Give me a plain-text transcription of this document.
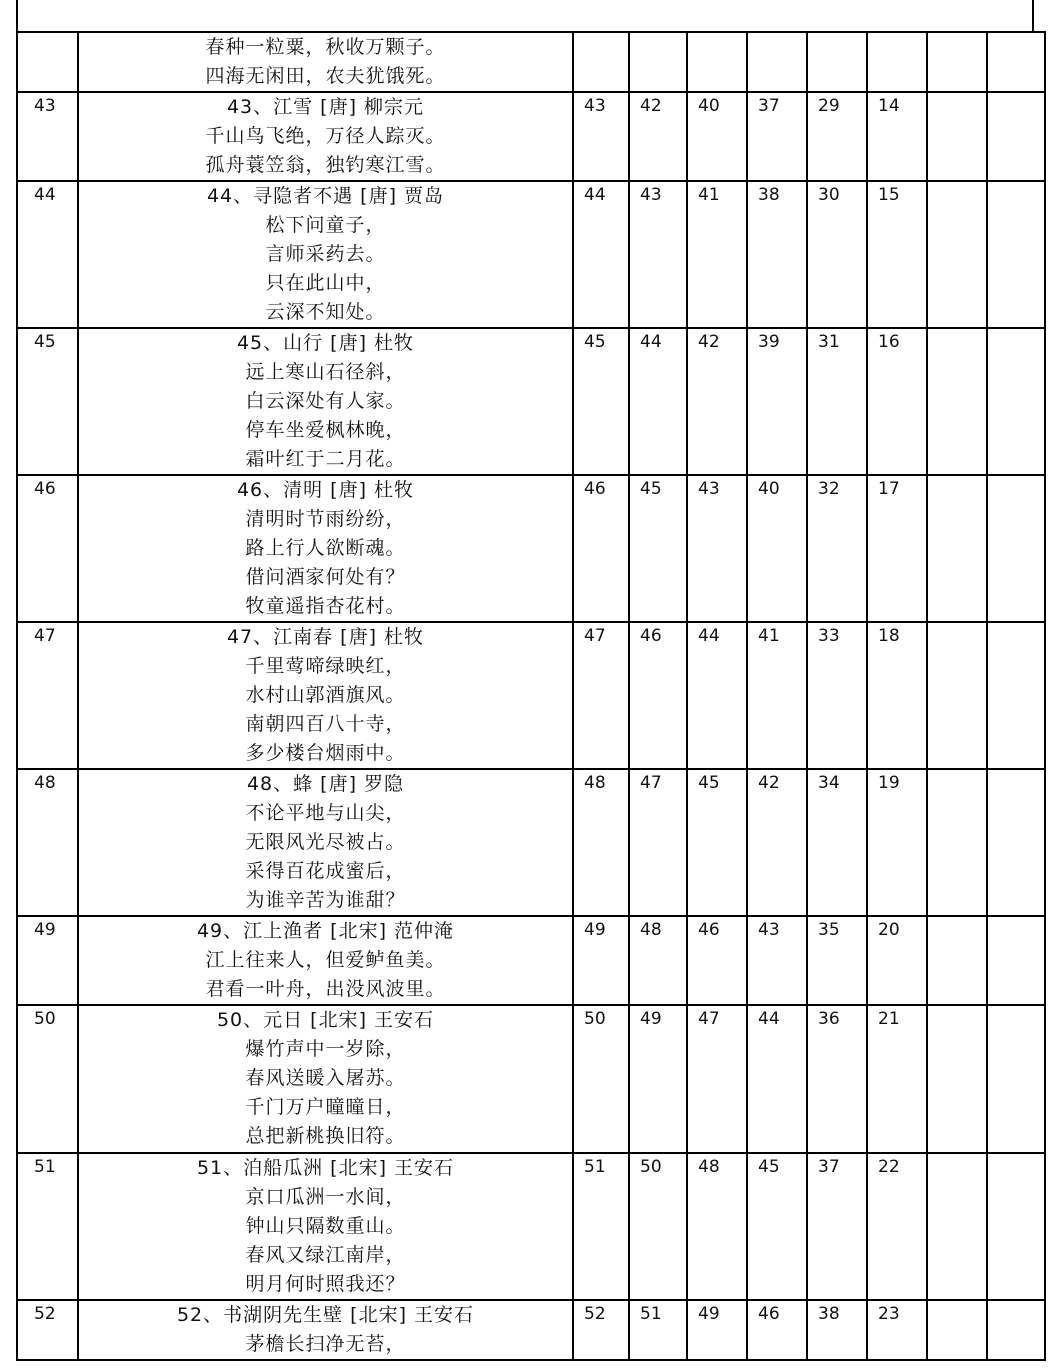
	春种一粒粟，秋收万颗子。
四海无闲田，农夫犹饿死。								

43	43、江雪 [唐] 柳宗元
千山鸟飞绝，万径人踪灭。
孤舟蓑笠翁，独钓寒江雪。	43	42	40	37	29	14		
44	44、寻隐者不遇 [唐] 贾岛
松下问童子，
言师采药去。
只在此山中，
云深不知处。	44	43	41	38	30	15		
45	45、山行 [唐] 杜牧
远上寒山石径斜，
白云深处有人家。
停车坐爱枫林晚，
霜叶红于二月花。	45	44	42	39	31	16		
46	46、清明 [唐] 杜牧
清明时节雨纷纷，
路上行人欲断魂。
借问酒家何处有？
牧童遥指杏花村。	46	45	43	40	32	17		
47	47、江南春 [唐] 杜牧
千里莺啼绿映红，
水村山郭酒旗风。
南朝四百八十寺，
多少楼台烟雨中。	47	46	44	41	33	18		
48	48、蜂 [唐] 罗隐
不论平地与山尖，
无限风光尽被占。
采得百花成蜜后，
为谁辛苦为谁甜？	48	47	45	42	34	19		
49	49、江上渔者 [北宋] 范仲淹
江上往来人，但爱鲈鱼美。
君看一叶舟，出没风波里。	49	48	46	43	35	20		
50	50、元日 [北宋] 王安石
爆竹声中一岁除，
春风送暖入屠苏。
千门万户曈曈日，
总把新桃换旧符。	50	49	47	44	36	21		
51	51、泊船瓜洲 [北宋] 王安石
京口瓜洲一水间，
钟山只隔数重山。
春风又绿江南岸，
明月何时照我还？	51	50	48	45	37	22		
52	52、书湖阴先生壁 [北宋] 王安石
茅檐长扫净无苔，	52	51	49	46	38	23		
